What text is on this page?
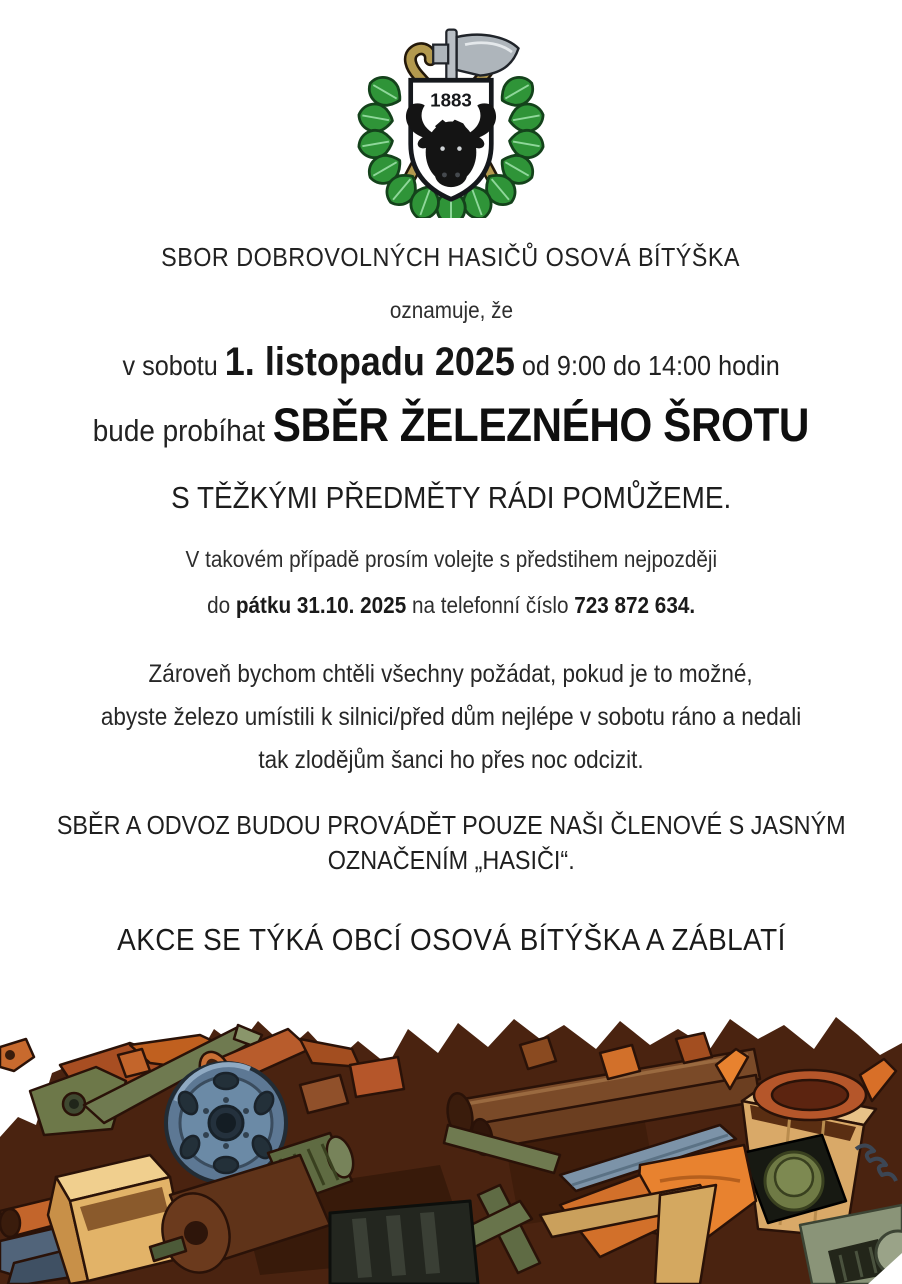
1883
SBOR DOBROVOLNÝCH HASIČŮ OSOVÁ BÍTÝŠKA
oznamuje, že
v sobotu 1. listopadu 2025 od 9:00 do 14:00 hodin
bude probíhat SBĚR ŽELEZNÉHO ŠROTU
S TĚŽKÝMI PŘEDMĚTY RÁDI POMŮŽEME.
V takovém případě prosím volejte s předstihem nejpozději
do pátku 31.10. 2025 na telefonní číslo 723 872 634.
Zároveň bychom chtěli všechny požádat, pokud je to možné,
abyste železo umístili k silnici/před dům nejlépe v sobotu ráno a nedali
tak zlodějům šanci ho přes noc odcizit.
SBĚR A ODVOZ BUDOU PROVÁDĚT POUZE NAŠI ČLENOVÉ S JASNÝM
OZNAČENÍM „HASIČI“.
AKCE SE TÝKÁ OBCÍ OSOVÁ BÍTÝŠKA A ZÁBLATÍ
